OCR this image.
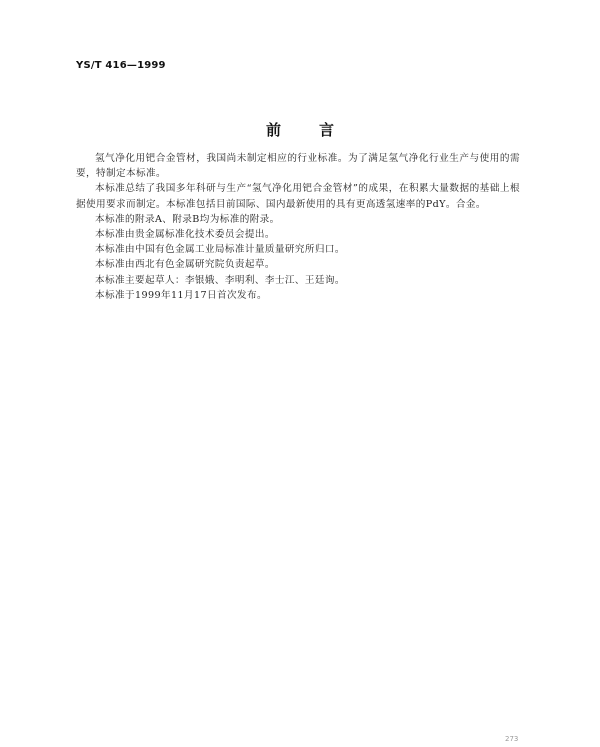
YS/T 416—1999
前言

氢气净化用钯合金管材，我国尚未制定相应的行业标准。为了满足氢气净化行业生产与使用的需要，特制定本标准。

本标准总结了我国多年科研与生产“氢气净化用钯合金管材”的成果，在积累大量数据的基础上根据使用要求而制定。本标准包括目前国际、国内最新使用的具有更高透氢速率的PdY。合金。

本标准的附录A、附录B均为标准的附录。

本标准由贵金属标准化技术委员会提出。

本标准由中国有色金属工业局标准计量质量研究所归口。

本标准由西北有色金属研究院负责起草。

本标准主要起草人：李银娥、李明利、李士江、王廷询。

本标准于1999年11月17日首次发布。

273
